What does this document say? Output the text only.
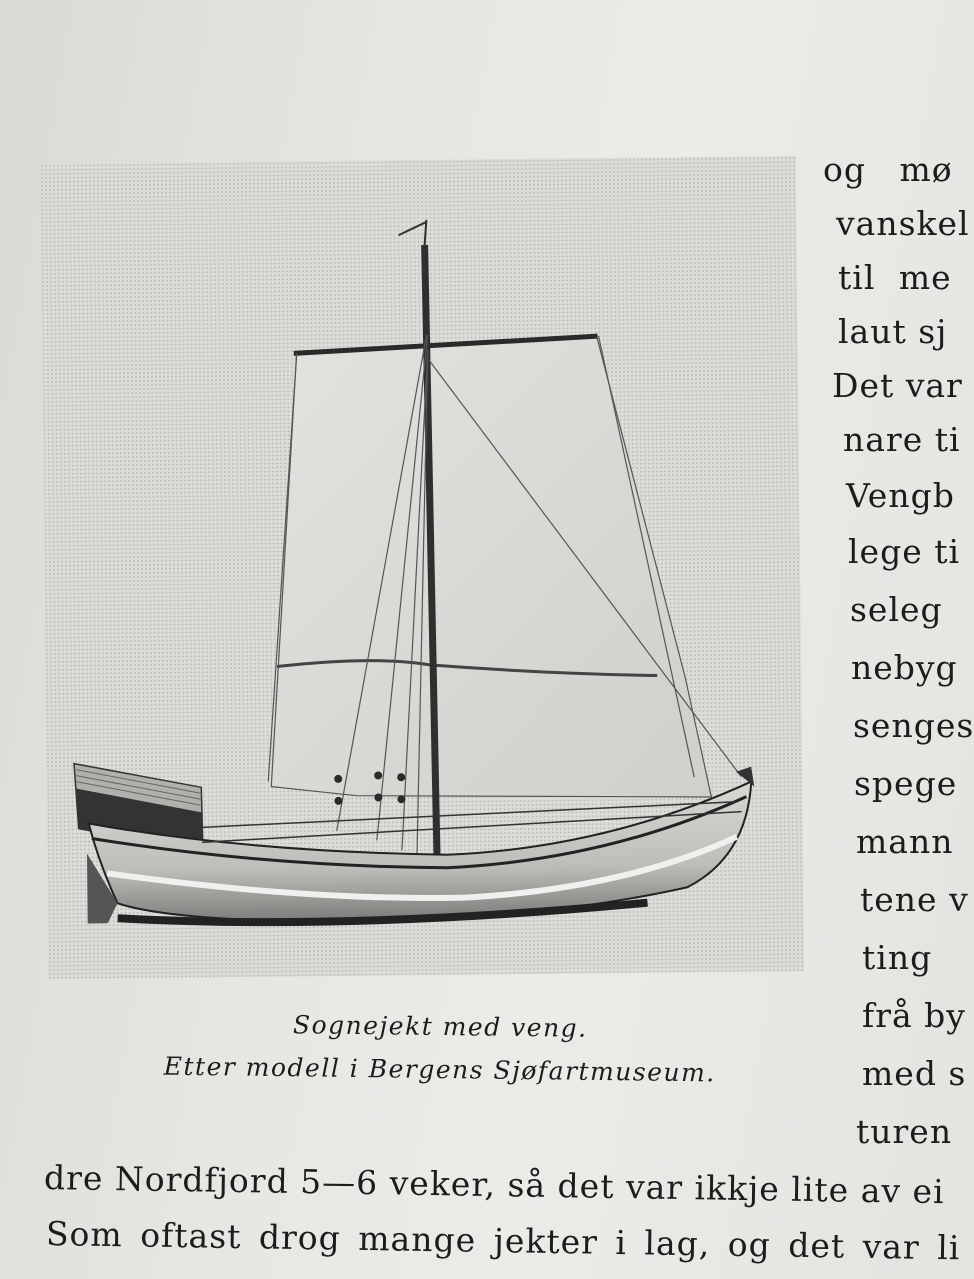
Sognejekt med veng.
Etter modell i Bergens Sjøfartmuseum.
og mø
vanskel
til me
laut sj
Det var
nare ti
Vengb
lege ti
seleg
nebyg
senges
spege
mann
tene v
ting
frå by
med s
turen
dre Nordfjord 5—6 veker, så det var ikkje lite av ei
Som oftast drog mange jekter i lag, og det var li
